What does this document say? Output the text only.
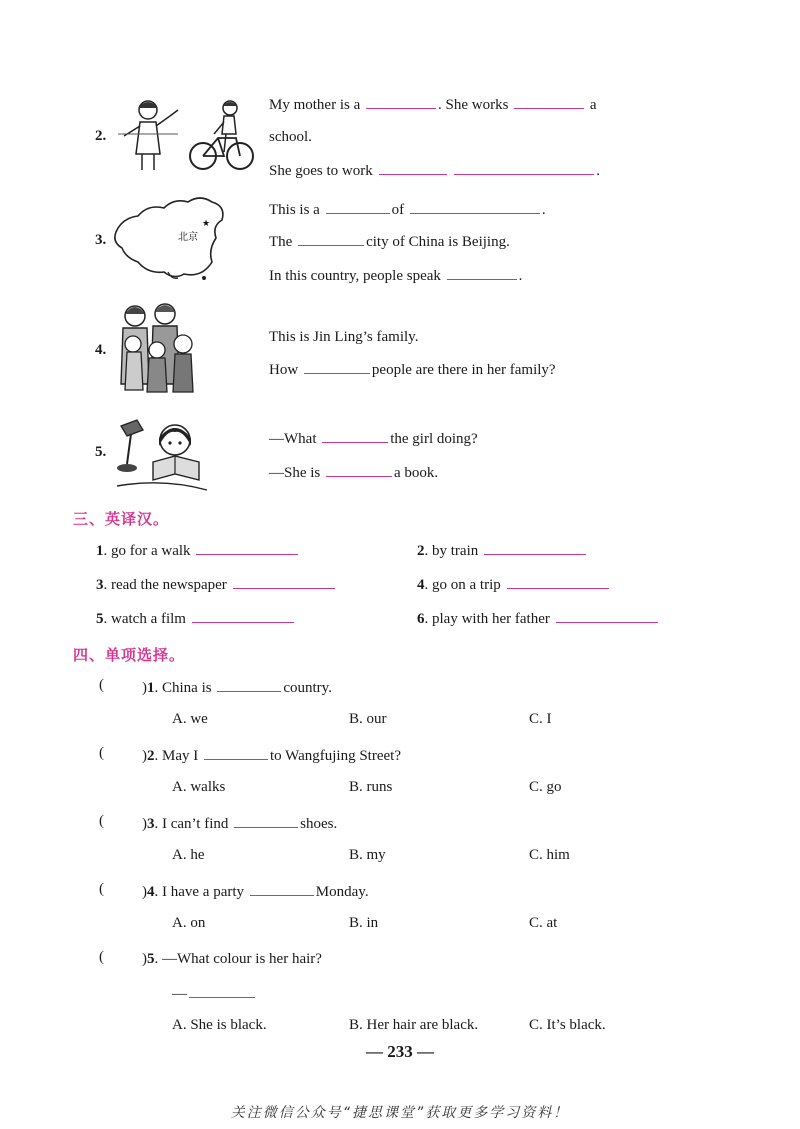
2.
My mother is a	. She works	a
school.
She goes to work	.
3.
★
北京
This is a	of	.
The	city of China is Beijing.
In this country, people speak	.
4.
This is Jin Ling’s family.
How	people are there in her family?
5.
—What	the girl doing?
—She is	a book.
三、英译汉。
1. go for a walk	2. by train
3. read the newspaper	4. go on a trip
5. watch a film	6. play with her father
四、单项选择。
(	)1. China is	country.
A. we	B. our	C. I
(	)2. May I	to Wangfujing Street?
A. walks	B. runs	C. go
(	)3. I can’t find	shoes.
A. he	B. my	C. him
(	)4. I have a party	Monday.
A. on	B. in	C. at
(	)5. —What colour is her hair?
—
A. She is black.	B. Her hair are black.	C. It’s black.
— 233 —
关注微信公众号“捷思课堂”获取更多学习资料！
